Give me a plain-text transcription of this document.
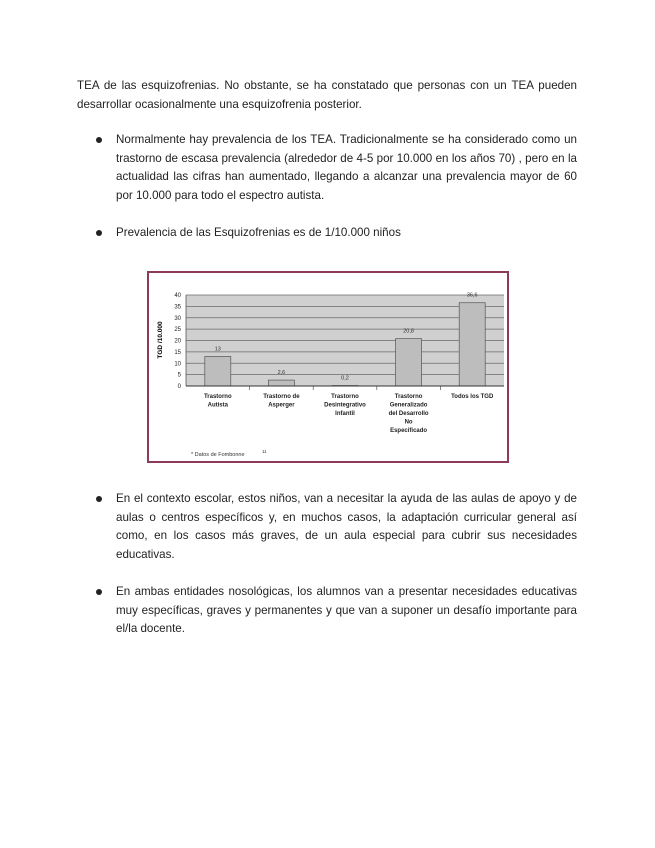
TEA de las esquizofrenias. No obstante, se ha constatado que personas con un TEA pueden desarrollar ocasionalmente una esquizofrenia posterior.

Normalmente hay prevalencia de los TEA. Tradicionalmente se ha considerado como un trastorno de escasa prevalencia (alrededor de 4-5 por 10.000 en los años 70) , pero en la actualidad las cifras han aumentado, llegando a alcanzar una prevalencia mayor de 60 por 10.000 para todo el espectro autista.

Prevalencia de las Esquizofrenias es de 1/10.000 niños

0
5
10
15
20
25
30
35
40
13
2,6
0,2
20,8
36,6
Trastorno
Autista
Trastorno de
Asperger
Trastorno
Desintegrativo
Infantil
Trastorno
Generalizado
del Desarrollo
No
Especificado
Todos los TGD
TGD /10.000
* Datos de Fombonne
11

En el contexto escolar, estos niños, van a necesitar la ayuda de las aulas de apoyo y de aulas o centros específicos y, en muchos casos, la adaptación curricular general así como, en los casos más graves, de un aula especial para cubrir sus necesidades educativas.

En ambas entidades nosológicas, los alumnos van a presentar necesidades educativas muy específicas, graves y permanentes y que van a suponer un desafío importante para el/la docente.
